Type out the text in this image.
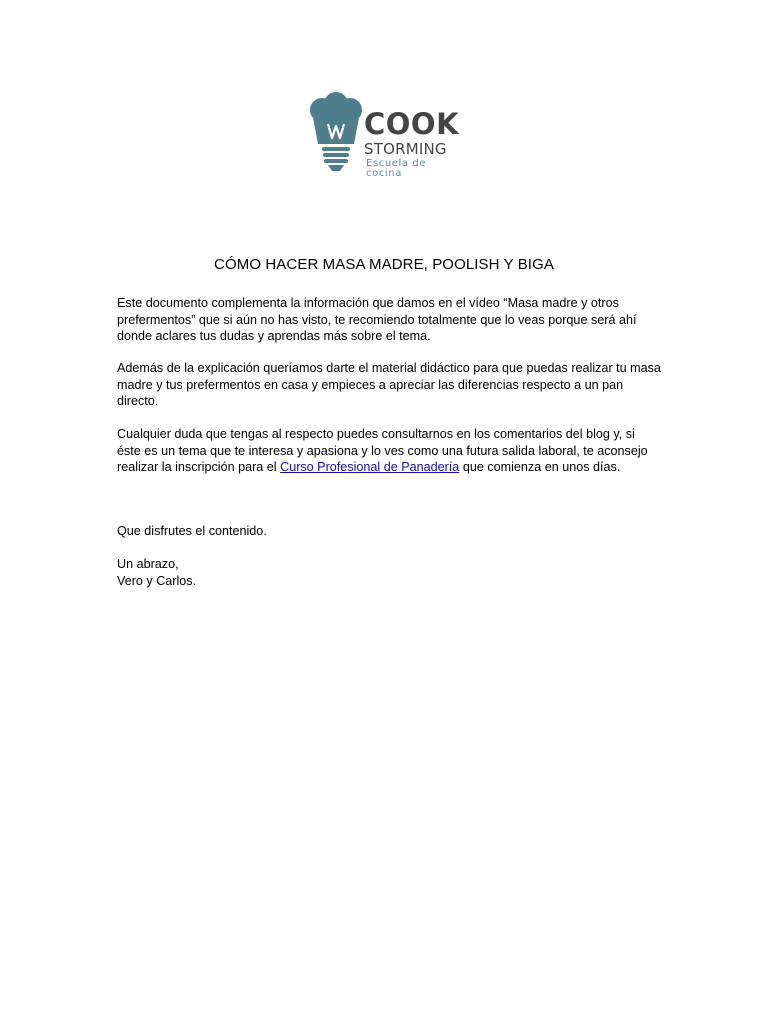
COOK
STORMING
Escuela de cocina
CÓMO HACER MASA MADRE, POOLISH Y BIGA

Este documento complementa la información que damos en el vídeo “Masa madre y otros prefermentos” que si aún no has visto, te recomiendo totalmente que lo veas porque será ahí donde aclares tus dudas y aprendas más sobre el tema.

Además de la explicación queríamos darte el material didáctico para que puedas realizar tu masa madre y tus prefermentos en casa y empieces a apreciar las diferencias respecto a un pan directo.

Cualquier duda que tengas al respecto puedes consultarnos en los comentarios del blog y, si éste es un tema que te interesa y apasiona y lo ves como una futura salida laboral, te aconsejo realizar la inscripción para el Curso Profesional de Panadería que comienza en unos días.

Que disfrutes el contenido.

Un abrazo,
Vero y Carlos.
